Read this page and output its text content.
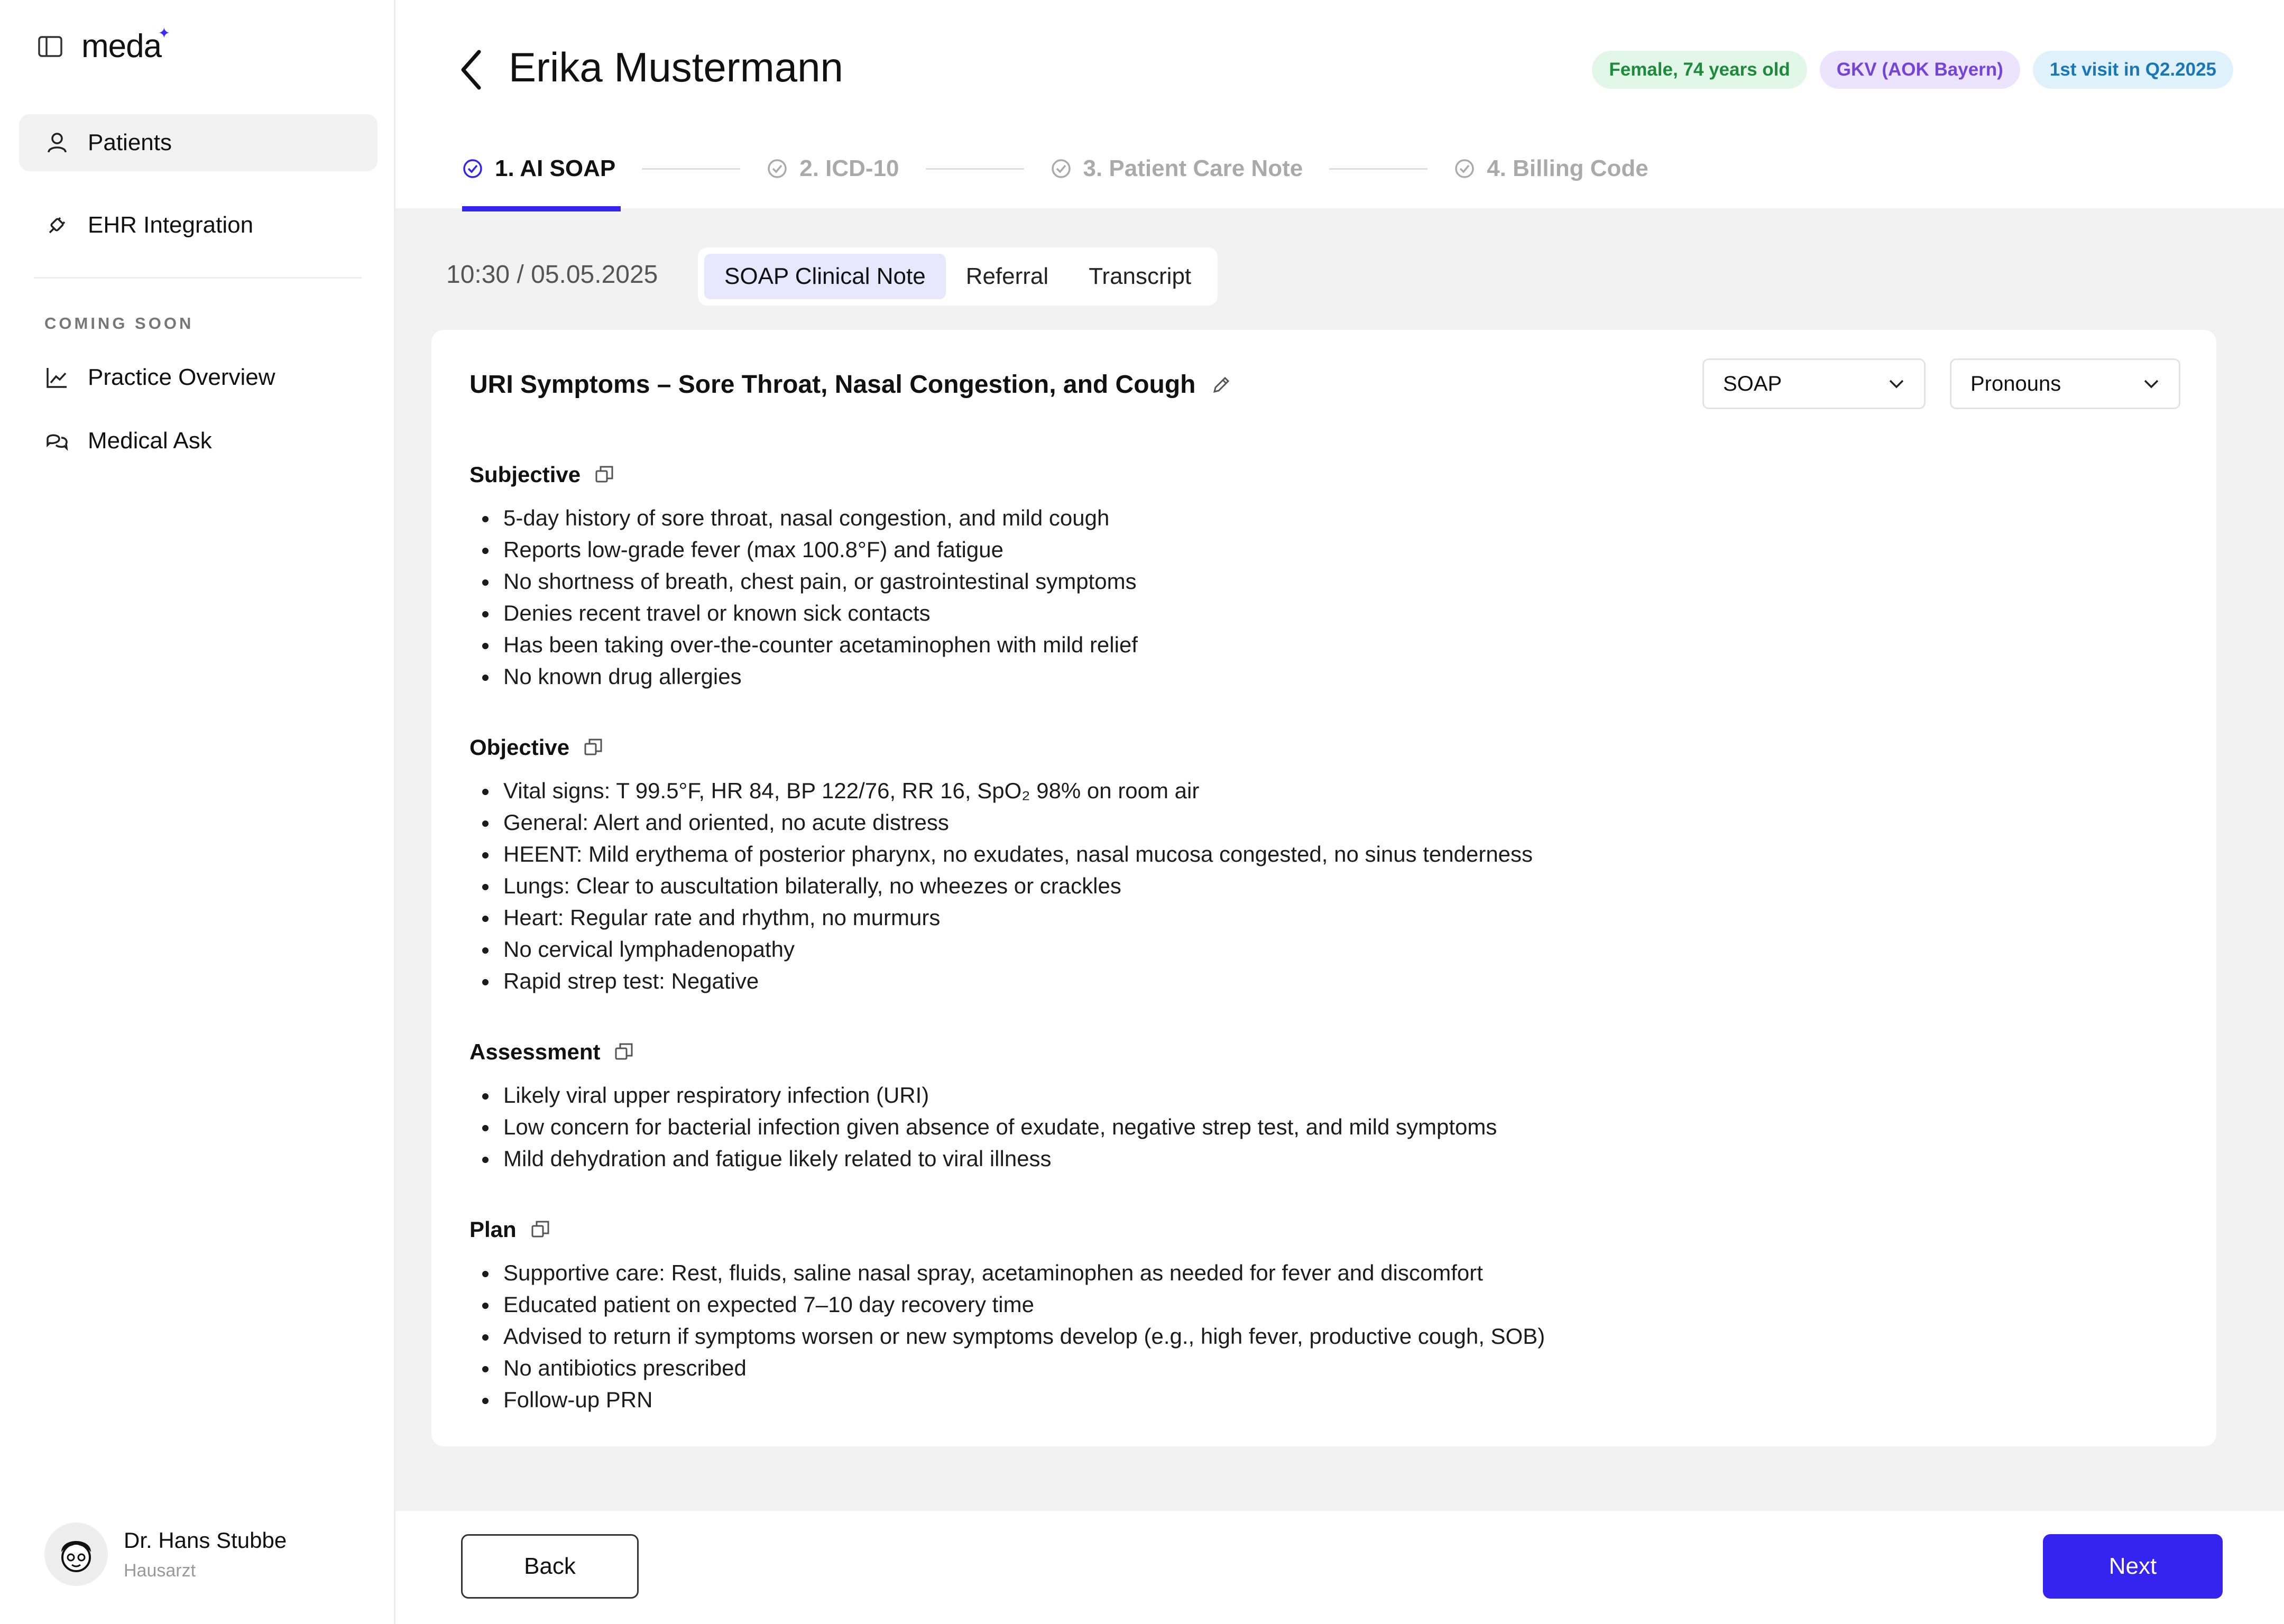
meda
✦
Patients
EHR Integration
COMING SOON
Practice Overview
Medical Ask
Dr. Hans Stubbe
Hausarzt
Erika Mustermann	Female, 74 years old	GKV (AOK Bayern)	1st visit in Q2.2025
1. AI SOAP	2. ICD-10	3. Patient Care Note	4. Billing Code
10:30 / 05.05.2025	SOAP Clinical Note	Referral	Transcript
URI Symptoms – Sore Throat, Nasal Congestion, and Cough	SOAP	Pronouns
Subjective
5-day history of sore throat, nasal congestion, and mild cough
Reports low-grade fever (max 100.8°F) and fatigue
No shortness of breath, chest pain, or gastrointestinal symptoms
Denies recent travel or known sick contacts
Has been taking over-the-counter acetaminophen with mild relief
No known drug allergies
Objective
Vital signs: T 99.5°F, HR 84, BP 122/76, RR 16, SpO₂ 98% on room air
General: Alert and oriented, no acute distress
HEENT: Mild erythema of posterior pharynx, no exudates, nasal mucosa congested, no sinus tenderness
Lungs: Clear to auscultation bilaterally, no wheezes or crackles
Heart: Regular rate and rhythm, no murmurs
No cervical lymphadenopathy
Rapid strep test: Negative
Assessment
Likely viral upper respiratory infection (URI)
Low concern for bacterial infection given absence of exudate, negative strep test, and mild symptoms
Mild dehydration and fatigue likely related to viral illness
Plan
Supportive care: Rest, fluids, saline nasal spray, acetaminophen as needed for fever and discomfort
Educated patient on expected 7–10 day recovery time
Advised to return if symptoms worsen or new symptoms develop (e.g., high fever, productive cough, SOB)
No antibiotics prescribed
Follow-up PRN
Back	Next
